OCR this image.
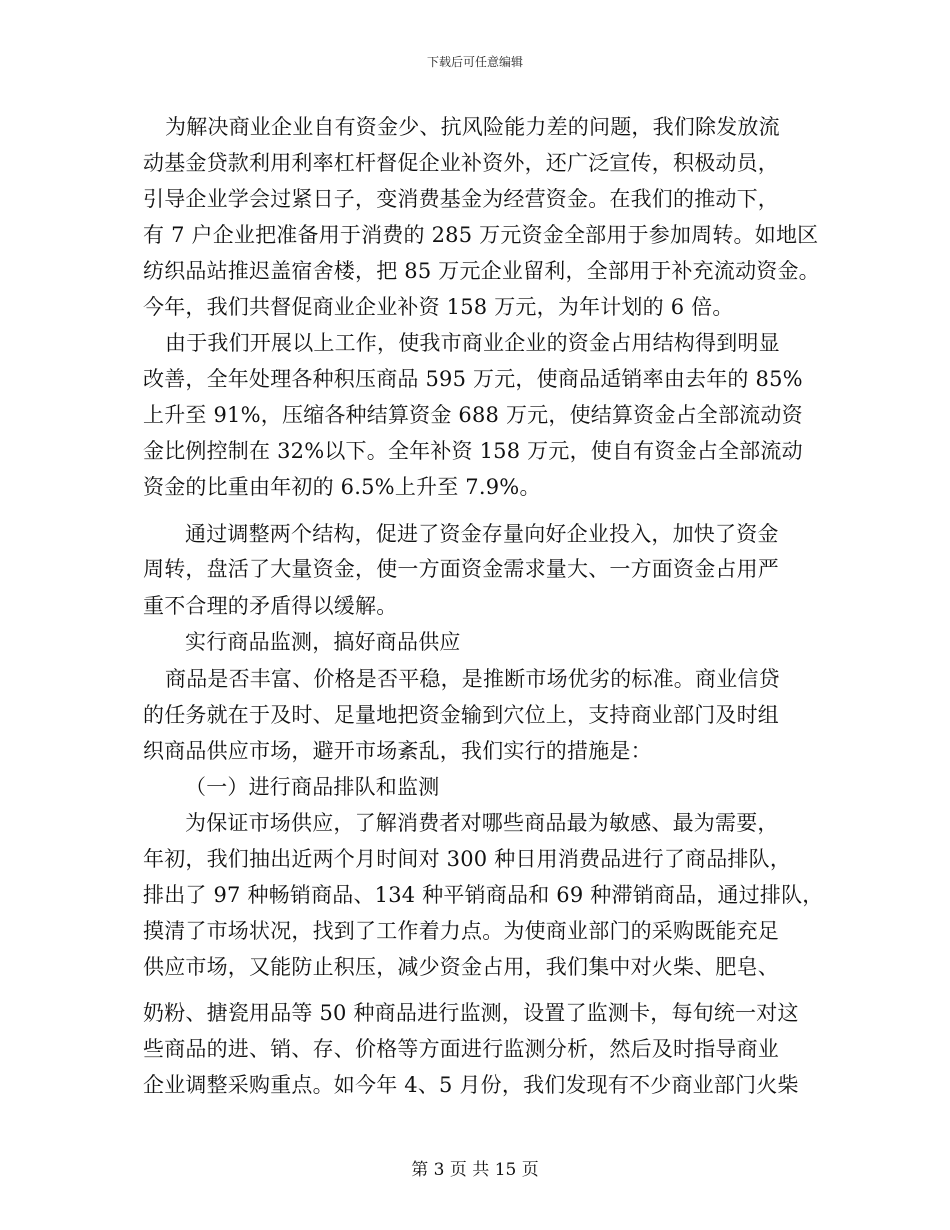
下载后可任意编辑
为解决商业企业自有资金少、抗风险能力差的问题，我们除发放流
动基金贷款利用利率杠杆督促企业补资外，还广泛宣传，积极动员，
引导企业学会过紧日子，变消费基金为经营资金。在我们的推动下，
有 7 户企业把准备用于消费的 285 万元资金全部用于参加周转。如地区
纺织品站推迟盖宿舍楼，把 85 万元企业留利，全部用于补充流动资金。
今年，我们共督促商业企业补资 158 万元，为年计划的 6 倍。
由于我们开展以上工作，使我市商业企业的资金占用结构得到明显
改善，全年处理各种积压商品 595 万元，使商品适销率由去年的 85%
上升至 91%，压缩各种结算资金 688 万元，使结算资金占全部流动资
金比例控制在 32%以下。全年补资 158 万元，使自有资金占全部流动
资金的比重由年初的 6.5%上升至 7.9%。
通过调整两个结构，促进了资金存量向好企业投入，加快了资金
周转，盘活了大量资金，使一方面资金需求量大、一方面资金占用严
重不合理的矛盾得以缓解。
实行商品监测，搞好商品供应
商品是否丰富、价格是否平稳，是推断市场优劣的标准。商业信贷
的任务就在于及时、足量地把资金输到穴位上，支持商业部门及时组
织商品供应市场，避开市场紊乱，我们实行的措施是：
（一）进行商品排队和监测
为保证市场供应，了解消费者对哪些商品最为敏感、最为需要，
年初，我们抽出近两个月时间对 300 种日用消费品进行了商品排队，
排出了 97 种畅销商品、134 种平销商品和 69 种滞销商品，通过排队，
摸清了市场状况，找到了工作着力点。为使商业部门的采购既能充足
供应市场，又能防止积压，减少资金占用，我们集中对火柴、肥皂、
奶粉、搪瓷用品等 50 种商品进行监测，设置了监测卡，每旬统一对这
些商品的进、销、存、价格等方面进行监测分析，然后及时指导商业
企业调整采购重点。如今年 4、5 月份，我们发现有不少商业部门火柴
第 3 页 共 15 页
